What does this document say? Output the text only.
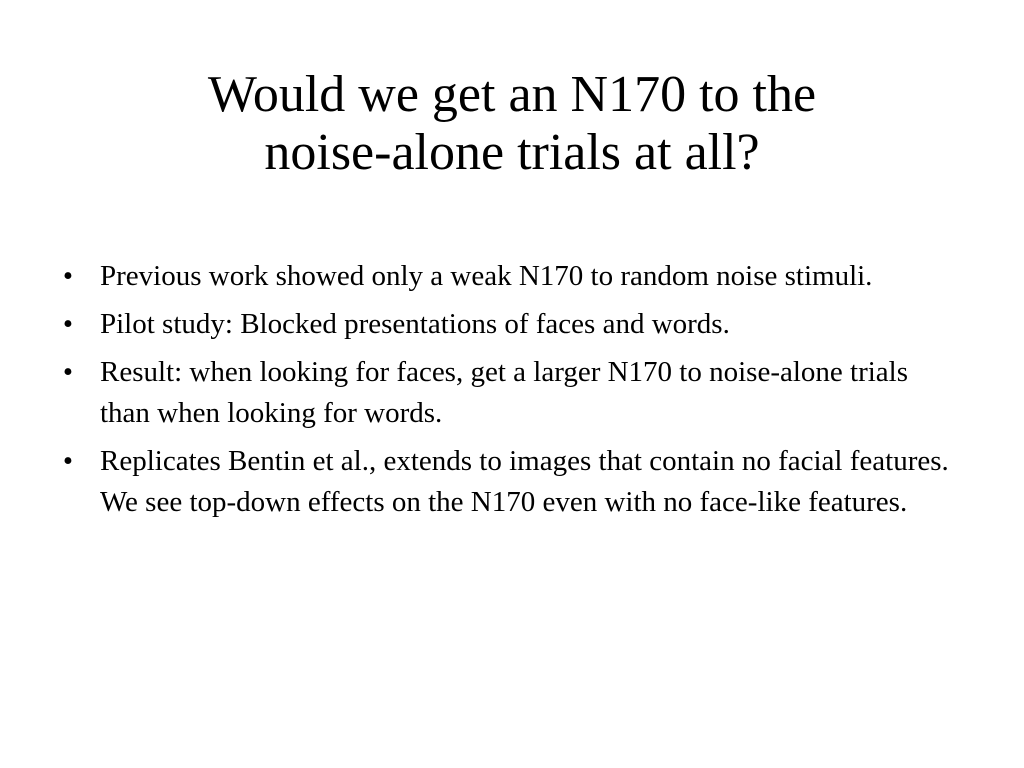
Would we get an N170 to the
noise-alone trials at all?
• Previous work showed only a weak N170 to random noise stimuli.
• Pilot study: Blocked presentations of faces and words.
• Result: when looking for faces, get a larger N170 to noise-alone trials than when looking for words.
• Replicates Bentin et al., extends to images that contain no facial features. We see top-down effects on the N170 even with no face-like features.
